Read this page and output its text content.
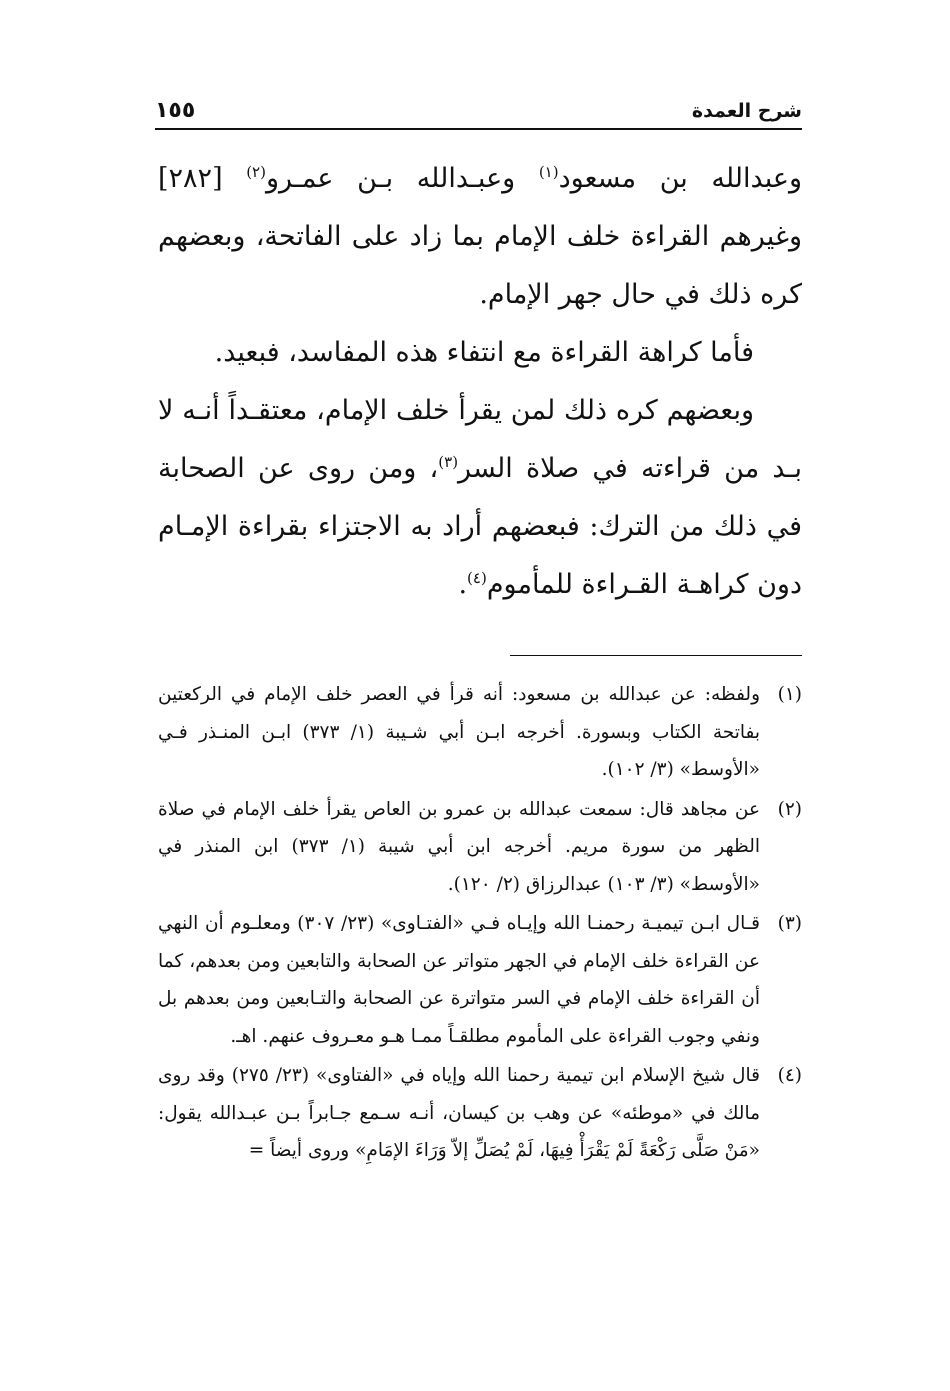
شرح العمدة
١٥٥

وعبدالله بن مسعود$^{(١)}$ وعبـدالله بـن عمـرو$^{(٢)}$ [٢٨٢] وغيرهم القراءة خلف الإمام بما زاد على الفاتحة، وبعضهم كره ذلك في حال جهر الإمام.

فأما كراهة القراءة مع انتفاء هذه المفاسد، فبعيد.

وبعضهم كره ذلك لمن يقرأ خلف الإمام، معتقـداً أنـه لا بـد من قراءته في صلاة السر$^{(٣)}$، ومن روى عن الصحابة في ذلك من الترك: فبعضهم أراد به الاجتزاء بقراءة الإمـام دون كراهـة القـراءة للمأموم$^{(٤)}$.

(١)
ولفظه: عن عبدالله بن مسعود: أنه قرأ في العصر خلف الإمام في الركعتين بفاتحة الكتاب وبسورة. أخرجه ابـن أبي شـيبة (١/ ٣٧٣) ابـن المنـذر فـي «الأوسط» (٣/ ١٠٢).
(٢)
عن مجاهد قال: سمعت عبدالله بن عمرو بن العاص يقرأ خلف الإمام في صلاة الظهر من سورة مريم. أخرجه ابن أبي شيبة (١/ ٣٧٣) ابن المنذر في «الأوسط» (٣/ ١٠٣) عبدالرزاق (٢/ ١٢٠).
(٣)
قـال ابـن تيميـة رحمنـا الله وإيـاه فـي «الفتـاوى» (٢٣/ ٣٠٧) ومعلـوم أن النهي عن القراءة خلف الإمام في الجهر متواتر عن الصحابة والتابعين ومن بعدهم، كما أن القراءة خلف الإمام في السر متواترة عن الصحابة والتـابعين ومن بعدهم بل ونفي وجوب القراءة على المأموم مطلقـاً ممـا هـو معـروف عنهم. اهـ.
(٤)
قال شيخ الإسلام ابن تيمية رحمنا الله وإياه في «الفتاوى» (٢٣/ ٢٧٥) وقد روى مالك في «موطئه» عن وهب بن كيسان، أنـه سـمع جـابراً بـن عبـدالله يقول: «مَنْ صَلَّى رَكْعَةً لَمْ يَقْرَأْ فِيهَا، لَمْ يُصَلِّ إلاّ وَرَاءَ الإمَامِ» وروى أيضاً =
